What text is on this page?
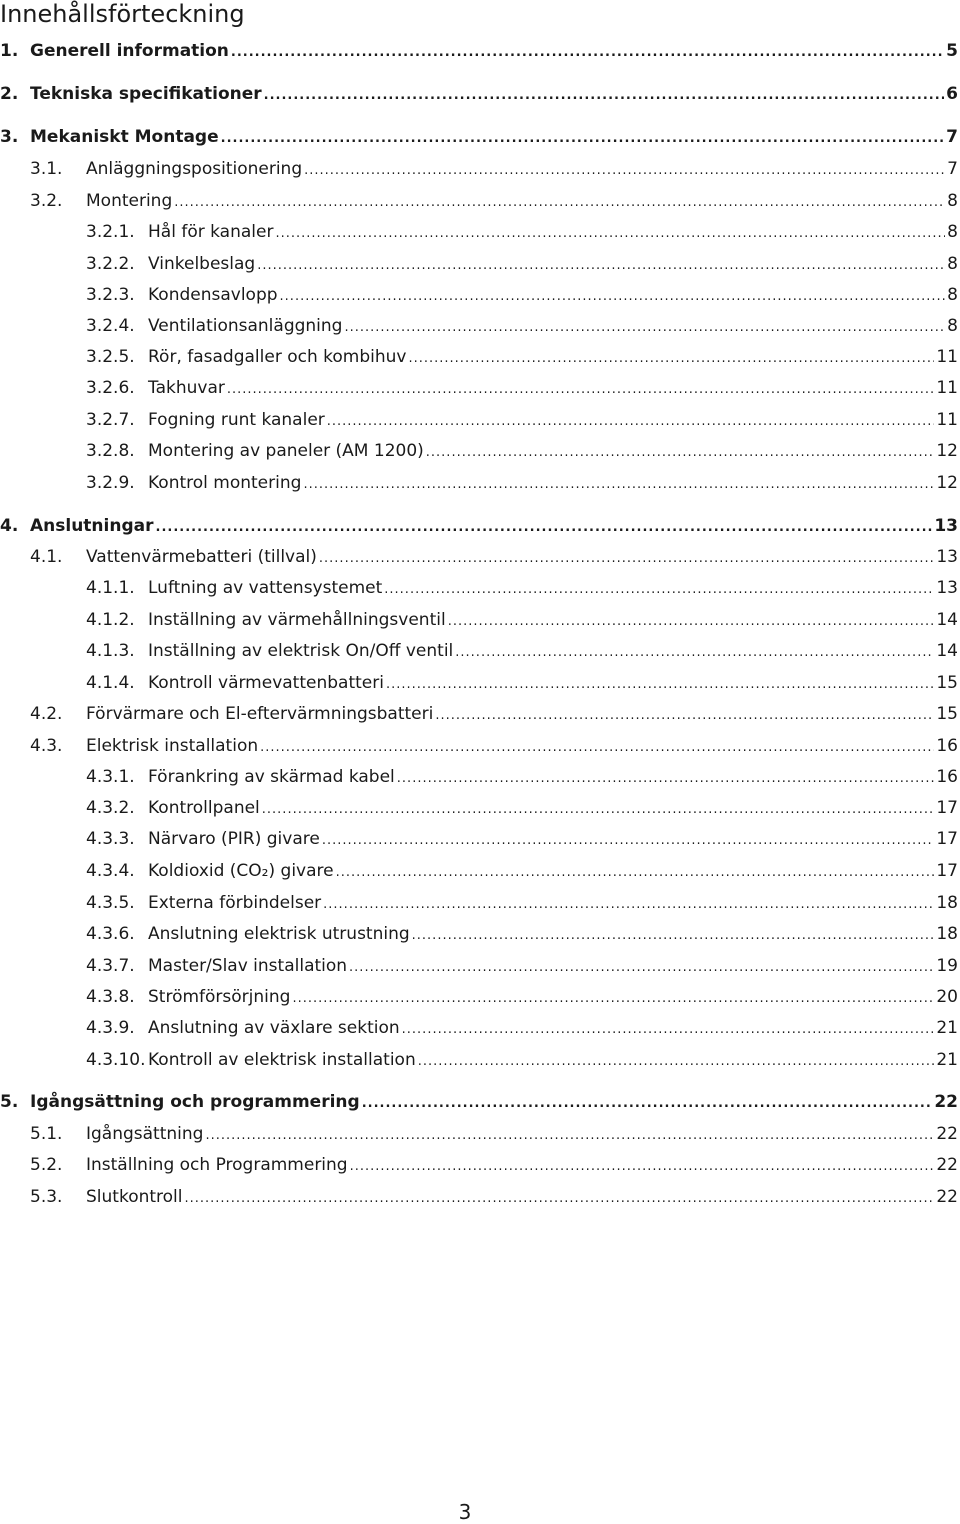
Innehållsförteckning
1. Generell information .....	5
2. Tekniska specifikationer .....	6
3. Mekaniskt Montage .....	7
3.1.	Anläggningspositionering .....	7
3.2.	Montering .....	8
3.2.1. Hål för kanaler .....	8
3.2.2. Vinkelbeslag .....	8
3.2.3. Kondensavlopp .....	8
3.2.4. Ventilationsanläggning .....	8
3.2.5. Rör, fasadgaller och kombihuv .....	11
3.2.6. Takhuvar .....	11
3.2.7. Fogning runt kanaler .....	11
3.2.8. Montering av paneler (AM 1200) .....	12
3.2.9. Kontrol montering .....	12
4. Anslutningar .....	13
4.1.	Vattenvärmebatteri (tillval) .....	13
4.1.1. Luftning av vattensystemet .....	13
4.1.2. Inställning av värmehållningsventil .....	14
4.1.3. Inställning av elektrisk On/Off ventil .....	14
4.1.4. Kontroll värmevattenbatteri .....	15
4.2.	Förvärmare och El-eftervärmningsbatteri .....	15
4.3.	Elektrisk installation .....	16
4.3.1. Förankring av skärmad kabel .....	16
4.3.2. Kontrollpanel .....	17
4.3.3. Närvaro (PIR) givare .....	17
4.3.4. Koldioxid (CO₂) givare .....	17
4.3.5. Externa förbindelser .....	18
4.3.6. Anslutning elektrisk utrustning .....	18
4.3.7. Master/Slav installation .....	19
4.3.8. Strömförsörjning .....	20
4.3.9. Anslutning av växlare sektion .....	21
4.3.10. Kontroll av elektrisk installation .....	21
5. Igångsättning och programmering .....	22
5.1.	Igångsättning .....	22
5.2.	Inställning och Programmering .....	22
5.3.	Slutkontroll .....	22
3
